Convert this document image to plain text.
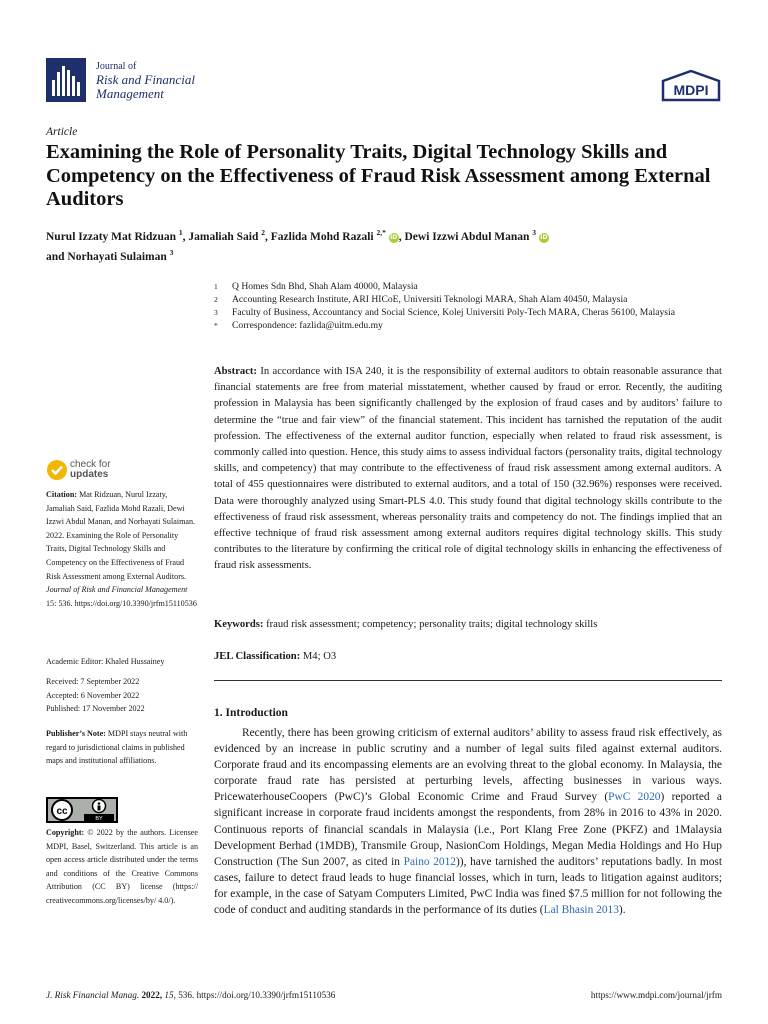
Journal of
Risk and Financial
Management	MDPI
Article
Examining the Role of Personality Traits, Digital Technology Skills and Competency on the Effectiveness of Fraud Risk Assessment among External Auditors
Nurul Izzaty Mat Ridzuan $^1$, Jamaliah Said $^2$, Fazlida Mohd Razali $^{2,*}$ iD, Dewi Izzwi Abdul Manan $^3$ iD
and Norhayati Sulaiman $^3$
1	Q Homes Sdn Bhd, Shah Alam 40000, Malaysia
2	Accounting Research Institute, ARI HICoE, Universiti Teknologi MARA, Shah Alam 40450, Malaysia
3	Faculty of Business, Accountancy and Social Science, Kolej Universiti Poly-Tech MARA, Cheras 56100, Malaysia
*	Correspondence: fazlida@uitm.edu.my
Abstract: In accordance with ISA 240, it is the responsibility of external auditors to obtain reasonable assurance that financial statements are free from material misstatement, whether caused by fraud or error. Recently, the auditing profession in Malaysia has been significantly challenged by the explosion of fraud cases and by auditors’ failure to determine the “true and fair view” of the financial statement. This incident has tarnished the reputation of the audit profession. The effectiveness of the external auditor function, especially when related to fraud risk assessment, is commonly called into question. Hence, this study aims to assess individual factors (personality traits, digital technology skills, and competency) that may contribute to the effectiveness of fraud risk assessment among external auditors. A total of 455 questionnaires were distributed to external auditors, and a total of 150 (32.96%) responses were received. Data were thoroughly analyzed using Smart-PLS 4.0. This study found that digital technology skills contribute to the effectiveness of fraud risk assessment, whereas personality traits and competency do not. The findings implied that an effective technique of fraud risk assessment among external auditors requires digital technology skills. This study contributes to the literature by confirming the critical role of digital technology skills in enhancing the effectiveness of fraud risk assessments.
Keywords: fraud risk assessment; competency; personality traits; digital technology skills
JEL Classification: M4; O3
1. Introduction
Recently, there has been growing criticism of external auditors’ ability to assess fraud risk effectively, as evidenced by an increase in public scrutiny and a number of legal suits filed against external auditors. Corporate fraud and its encompassing elements are an evolving threat to the global economy. In Malaysia, the corporate fraud rate has persisted at perturbing levels, affecting businesses in various ways. PricewaterhouseCoopers (PwC)’s Global Economic Crime and Fraud Survey (PwC 2020) reported a significant increase in corporate fraud incidents amongst the respondents, from 28% in 2016 to 43% in 2020. Continuous reports of financial scandals in Malaysia (i.e., Port Klang Free Zone (PKFZ) and 1Malaysia Development Berhad (1MDB), Transmile Group, NasionCom Holdings, Megan Media Holdings and Ho Hup Construction (The Sun 2007, as cited in Paino 2012)), have tarnished the auditors’ reputations badly. In most cases, failure to detect fraud leads to huge financial losses, which in turn, leads to litigation against auditors; for example, in the case of Satyam Computers Limited, PwC India was fined $7.5 million for not following the code of conduct and auditing standards in the performance of its duties (Lal Bhasin 2013).
check for
updates
Citation: Mat Ridzuan, Nurul Izzaty, Jamaliah Said, Fazlida Mohd Razali, Dewi Izzwi Abdul Manan, and Norhayati Sulaiman. 2022. Examining the Role of Personality Traits, Digital Technology Skills and Competency on the Effectiveness of Fraud Risk Assessment among External Auditors. Journal of Risk and Financial Management 15: 536. https://doi.org/10.3390/jrfm15110536
Academic Editor: Khaled Hussainey
Received: 7 September 2022
Accepted: 6 November 2022
Published: 17 November 2022
Publisher’s Note: MDPI stays neutral with regard to jurisdictional claims in published maps and institutional affiliations.
cc
BY
Copyright: © 2022 by the authors. Licensee MDPI, Basel, Switzerland. This article is an open access article distributed under the terms and conditions of the Creative Commons Attribution (CC BY) license (https:// creativecommons.org/licenses/by/ 4.0/).
J. Risk Financial Manag. 2022, 15, 536. https://doi.org/10.3390/jrfm15110536	https://www.mdpi.com/journal/jrfm
